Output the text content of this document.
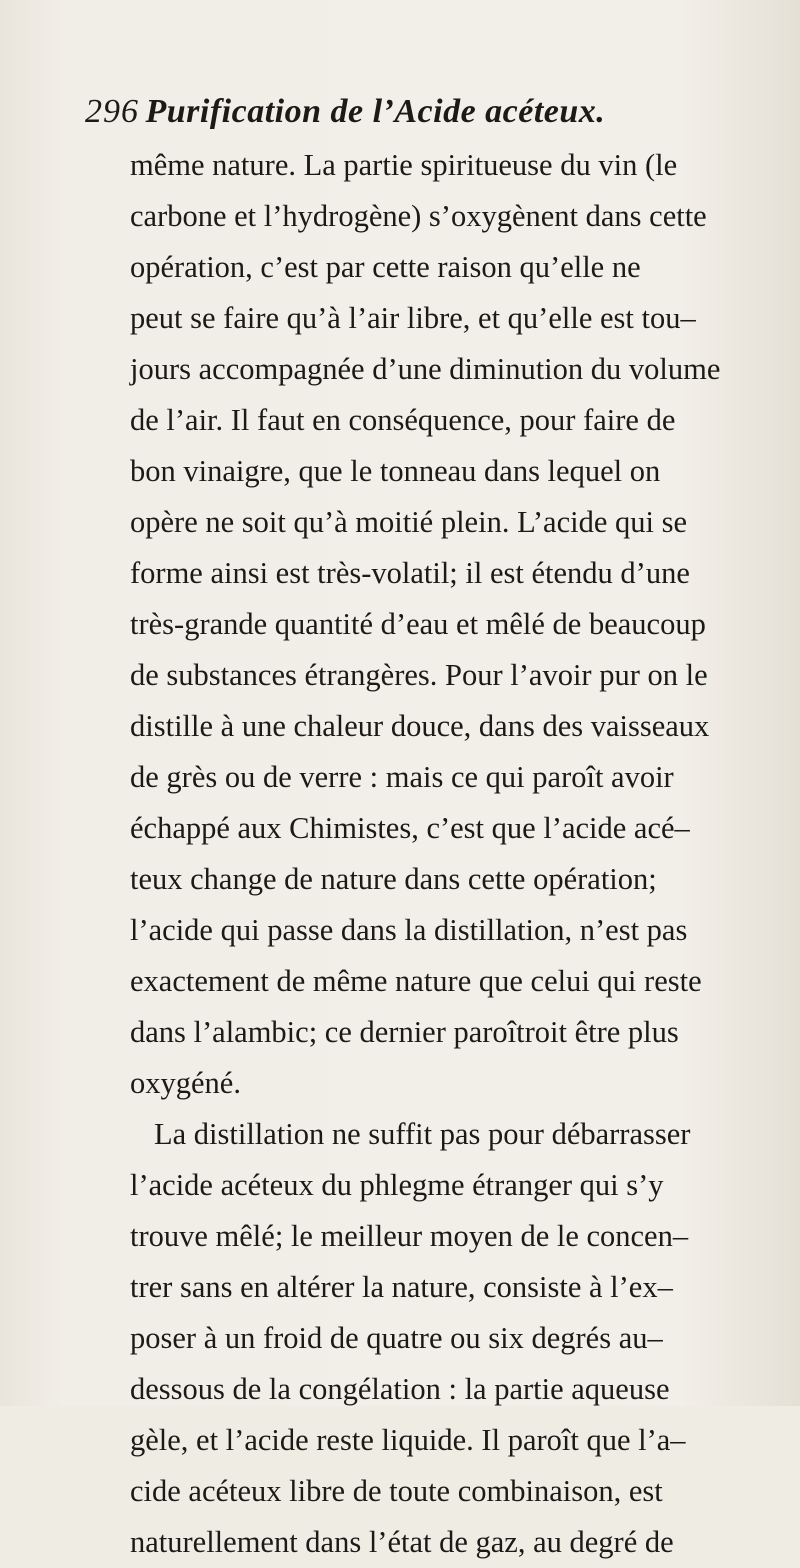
296 Purification de l’Acide acéteux.
même nature. La partie spiritueuse du vin (le
carbone et l’hydrogène) s’oxygènent dans cette
opération, c’est par cette raison qu’elle ne
peut se faire qu’à l’air libre, et qu’elle est tou–
jours accompagnée d’une diminution du volume
de l’air. Il faut en conséquence, pour faire de
bon vinaigre, que le tonneau dans lequel on
opère ne soit qu’à moitié plein. L’acide qui se
forme ainsi est très-volatil; il est étendu d’une
très-grande quantité d’eau et mêlé de beaucoup
de substances étrangères. Pour l’avoir pur on le
distille à une chaleur douce, dans des vaisseaux
de grès ou de verre : mais ce qui paroît avoir
échappé aux Chimistes, c’est que l’acide acé–
teux change de nature dans cette opération;
l’acide qui passe dans la distillation, n’est pas
exactement de même nature que celui qui reste
dans l’alambic; ce dernier paroîtroit être plus
oxygéné.
La distillation ne suffit pas pour débarrasser
l’acide acéteux du phlegme étranger qui s’y
trouve mêlé; le meilleur moyen de le concen–
trer sans en altérer la nature, consiste à l’ex–
poser à un froid de quatre ou six degrés au–
dessous de la congélation : la partie aqueuse
gèle, et l’acide reste liquide. Il paroît que l’a–
cide acéteux libre de toute combinaison, est
naturellement dans l’état de gaz, au degré de
